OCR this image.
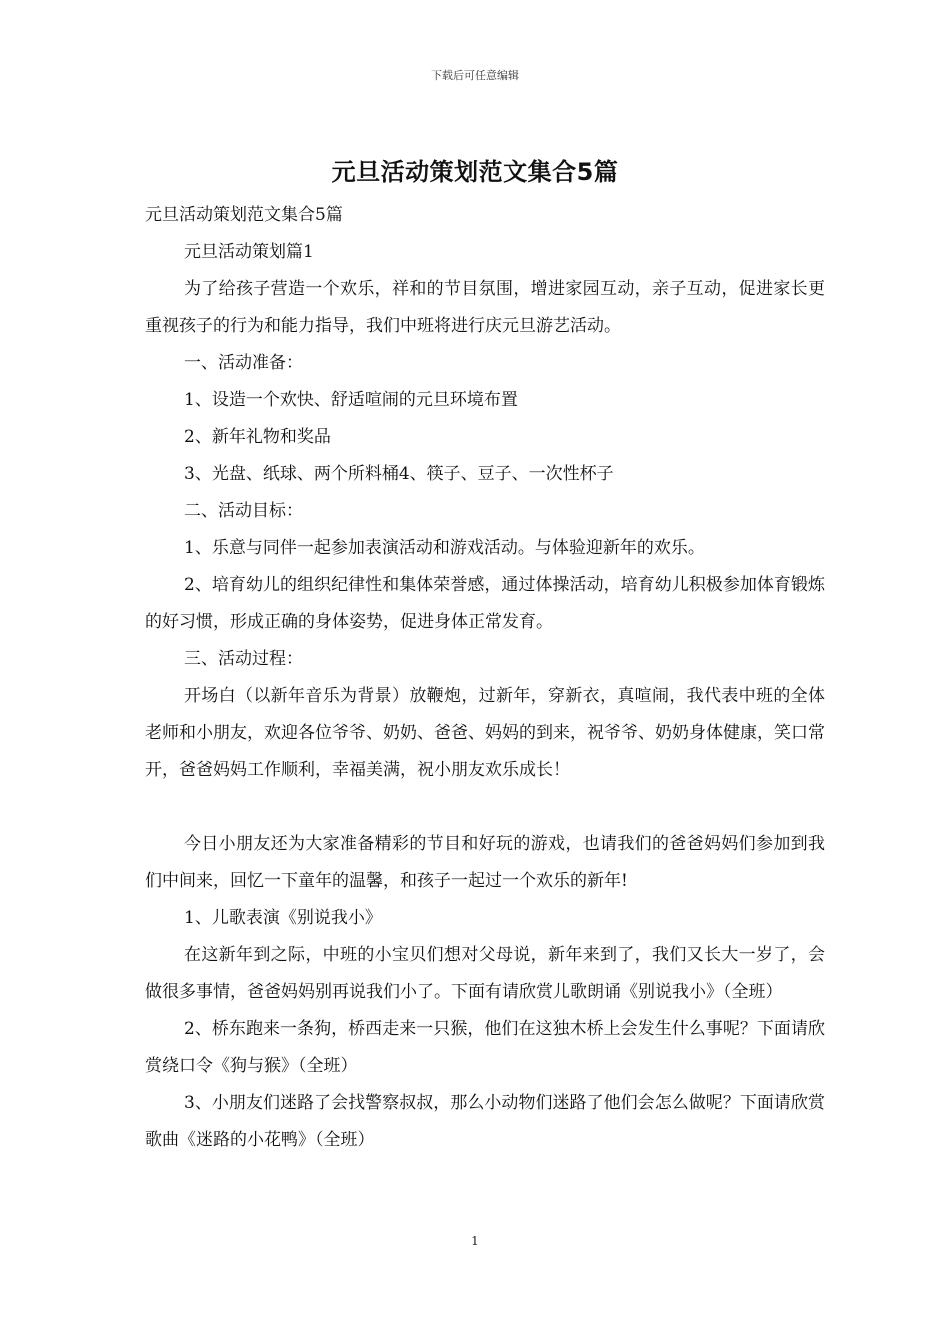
下载后可任意编辑
元旦活动策划范文集合5篇

元旦活动策划范文集合5篇

元旦活动策划篇1

为了给孩子营造一个欢乐，祥和的节目氛围，增进家园互动，亲子互动，促进家长更重视孩子的行为和能力指导，我们中班将进行庆元旦游艺活动。

一、活动准备：

1、设造一个欢快、舒适喧闹的元旦环境布置

2、新年礼物和奖品

3、光盘、纸球、两个所料桶4、筷子、豆子、一次性杯子

二、活动目标：

1、乐意与同伴一起参加表演活动和游戏活动。与体验迎新年的欢乐。

2、培育幼儿的组织纪律性和集体荣誉感，通过体操活动，培育幼儿积极参加体育锻炼的好习惯，形成正确的身体姿势，促进身体正常发育。

三、活动过程：

开场白（以新年音乐为背景）放鞭炮，过新年，穿新衣，真喧闹，我代表中班的全体老师和小朋友，欢迎各位爷爷、奶奶、爸爸、妈妈的到来，祝爷爷、奶奶身体健康，笑口常开，爸爸妈妈工作顺利，幸福美满，祝小朋友欢乐成长！

今日小朋友还为大家准备精彩的节目和好玩的游戏，也请我们的爸爸妈妈们参加到我们中间来，回忆一下童年的温馨，和孩子一起过一个欢乐的新年!

1、儿歌表演《别说我小》

在这新年到之际，中班的小宝贝们想对父母说，新年来到了，我们又长大一岁了，会做很多事情，爸爸妈妈别再说我们小了。下面有请欣赏儿歌朗诵《别说我小》（全班）

2、桥东跑来一条狗，桥西走来一只猴，他们在这独木桥上会发生什么事呢？下面请欣赏绕口令《狗与猴》（全班）

3、小朋友们迷路了会找警察叔叔，那么小动物们迷路了他们会怎么做呢？下面请欣赏歌曲《迷路的小花鸭》（全班）

1
